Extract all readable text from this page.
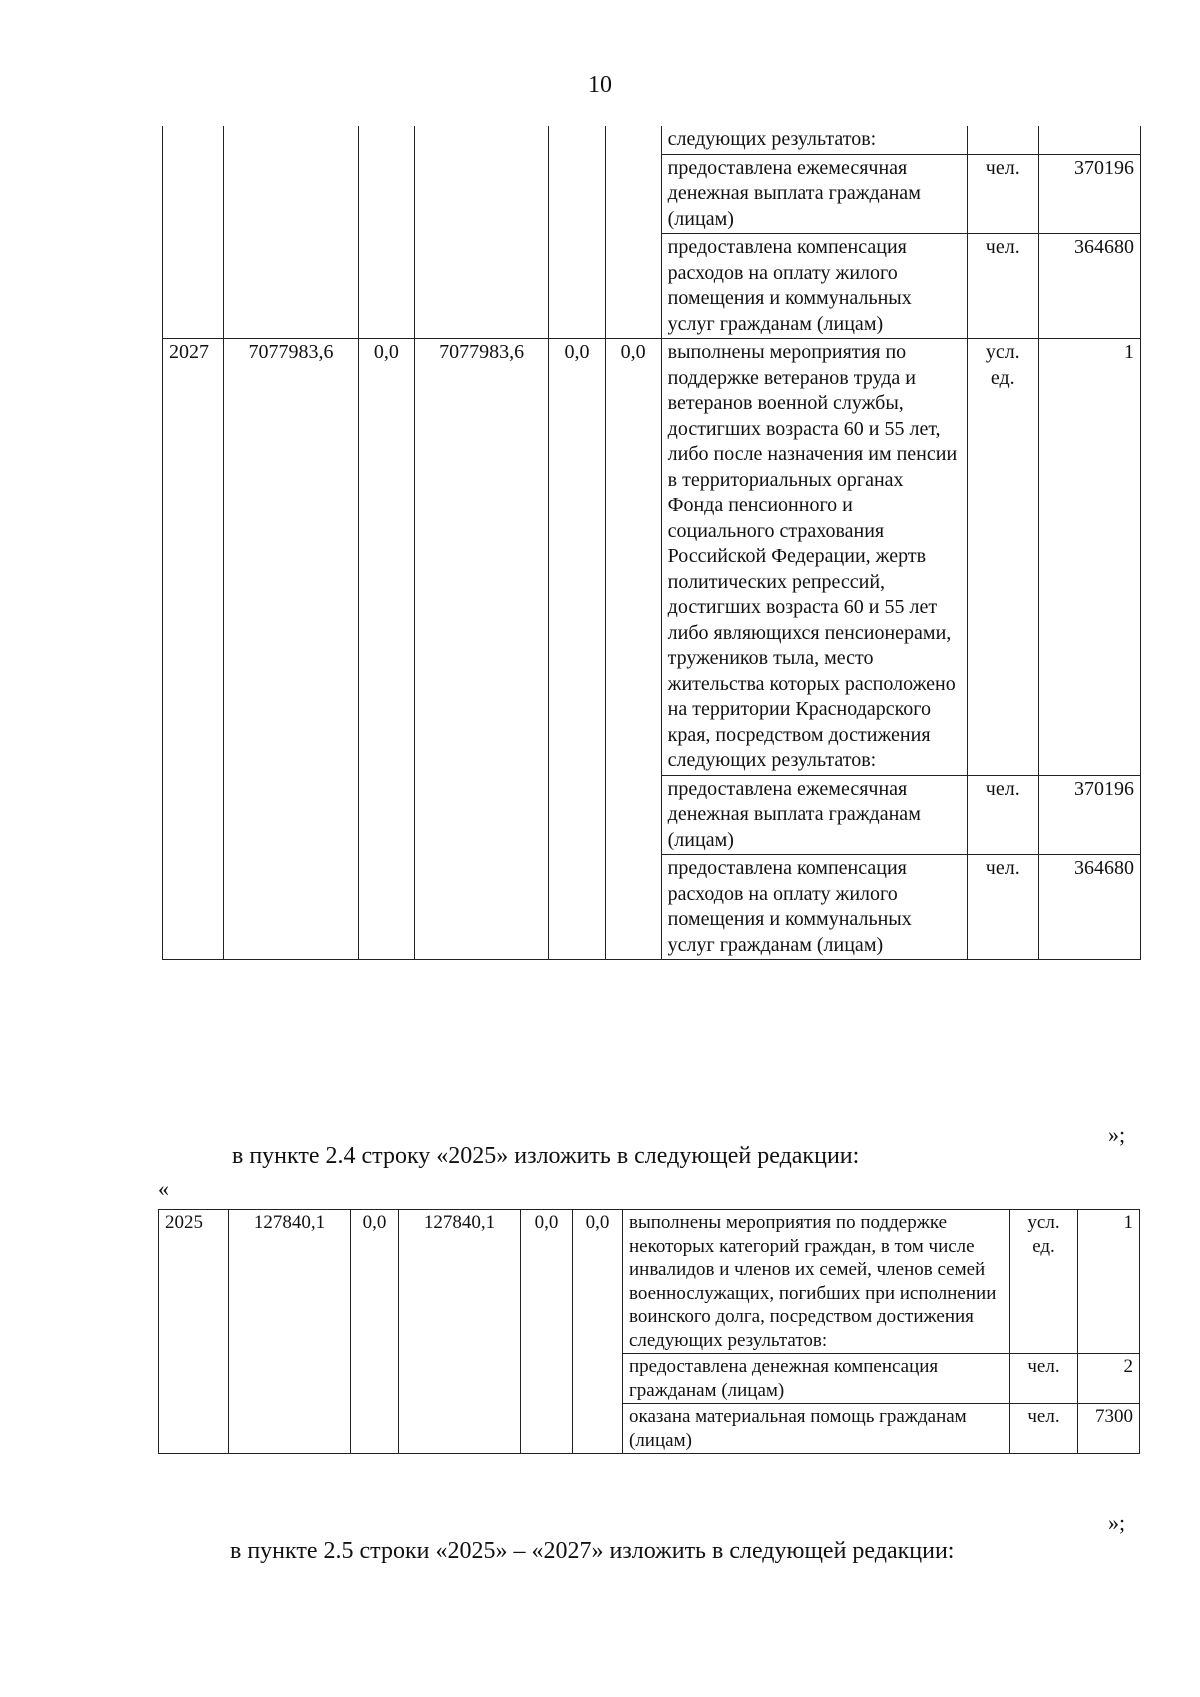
10
						следующих результатов:		
						предоставлена ежемесячная денежная выплата гражданам (лицам)	чел.	370196
						предоставлена компенсация расходов на оплату жилого помещения и коммунальных услуг гражданам (лицам)	чел.	364680
2027	7077983,6	0,0	7077983,6	0,0	0,0	выполнены мероприятия по поддержке ветеранов труда и ветеранов военной службы, достигших возраста 60 и 55 лет, либо после назначения им пенсии в территориальных органах Фонда пенсионного и социального страхования Российской Федерации, жертв политических репрессий, достигших возраста 60 и 55 лет либо являющихся пенсионерами, тружеников тыла, место жительства которых расположено на территории Краснодарского края, посредством достижения следующих результатов:	усл. ед.	1
						предоставлена ежемесячная денежная выплата гражданам (лицам)	чел.	370196
						предоставлена компенсация расходов на оплату жилого помещения и коммунальных услуг гражданам (лицам)	чел.	364680
»;
в пункте 2.4 строку «2025» изложить в следующей редакции:
«
2025	127840,1	0,0	127840,1	0,0	0,0	выполнены мероприятия по поддержке некоторых категорий граждан, в том числе инвалидов и членов их семей, членов семей военнослужащих, погибших при исполнении воинского долга, посредством достижения следующих результатов:	усл. ед.	1
						предоставлена денежная компенсация гражданам (лицам)	чел.	2
						оказана материальная помощь гражданам (лицам)	чел.	7300
»;
в пункте 2.5 строки «2025» – «2027» изложить в следующей редакции:
